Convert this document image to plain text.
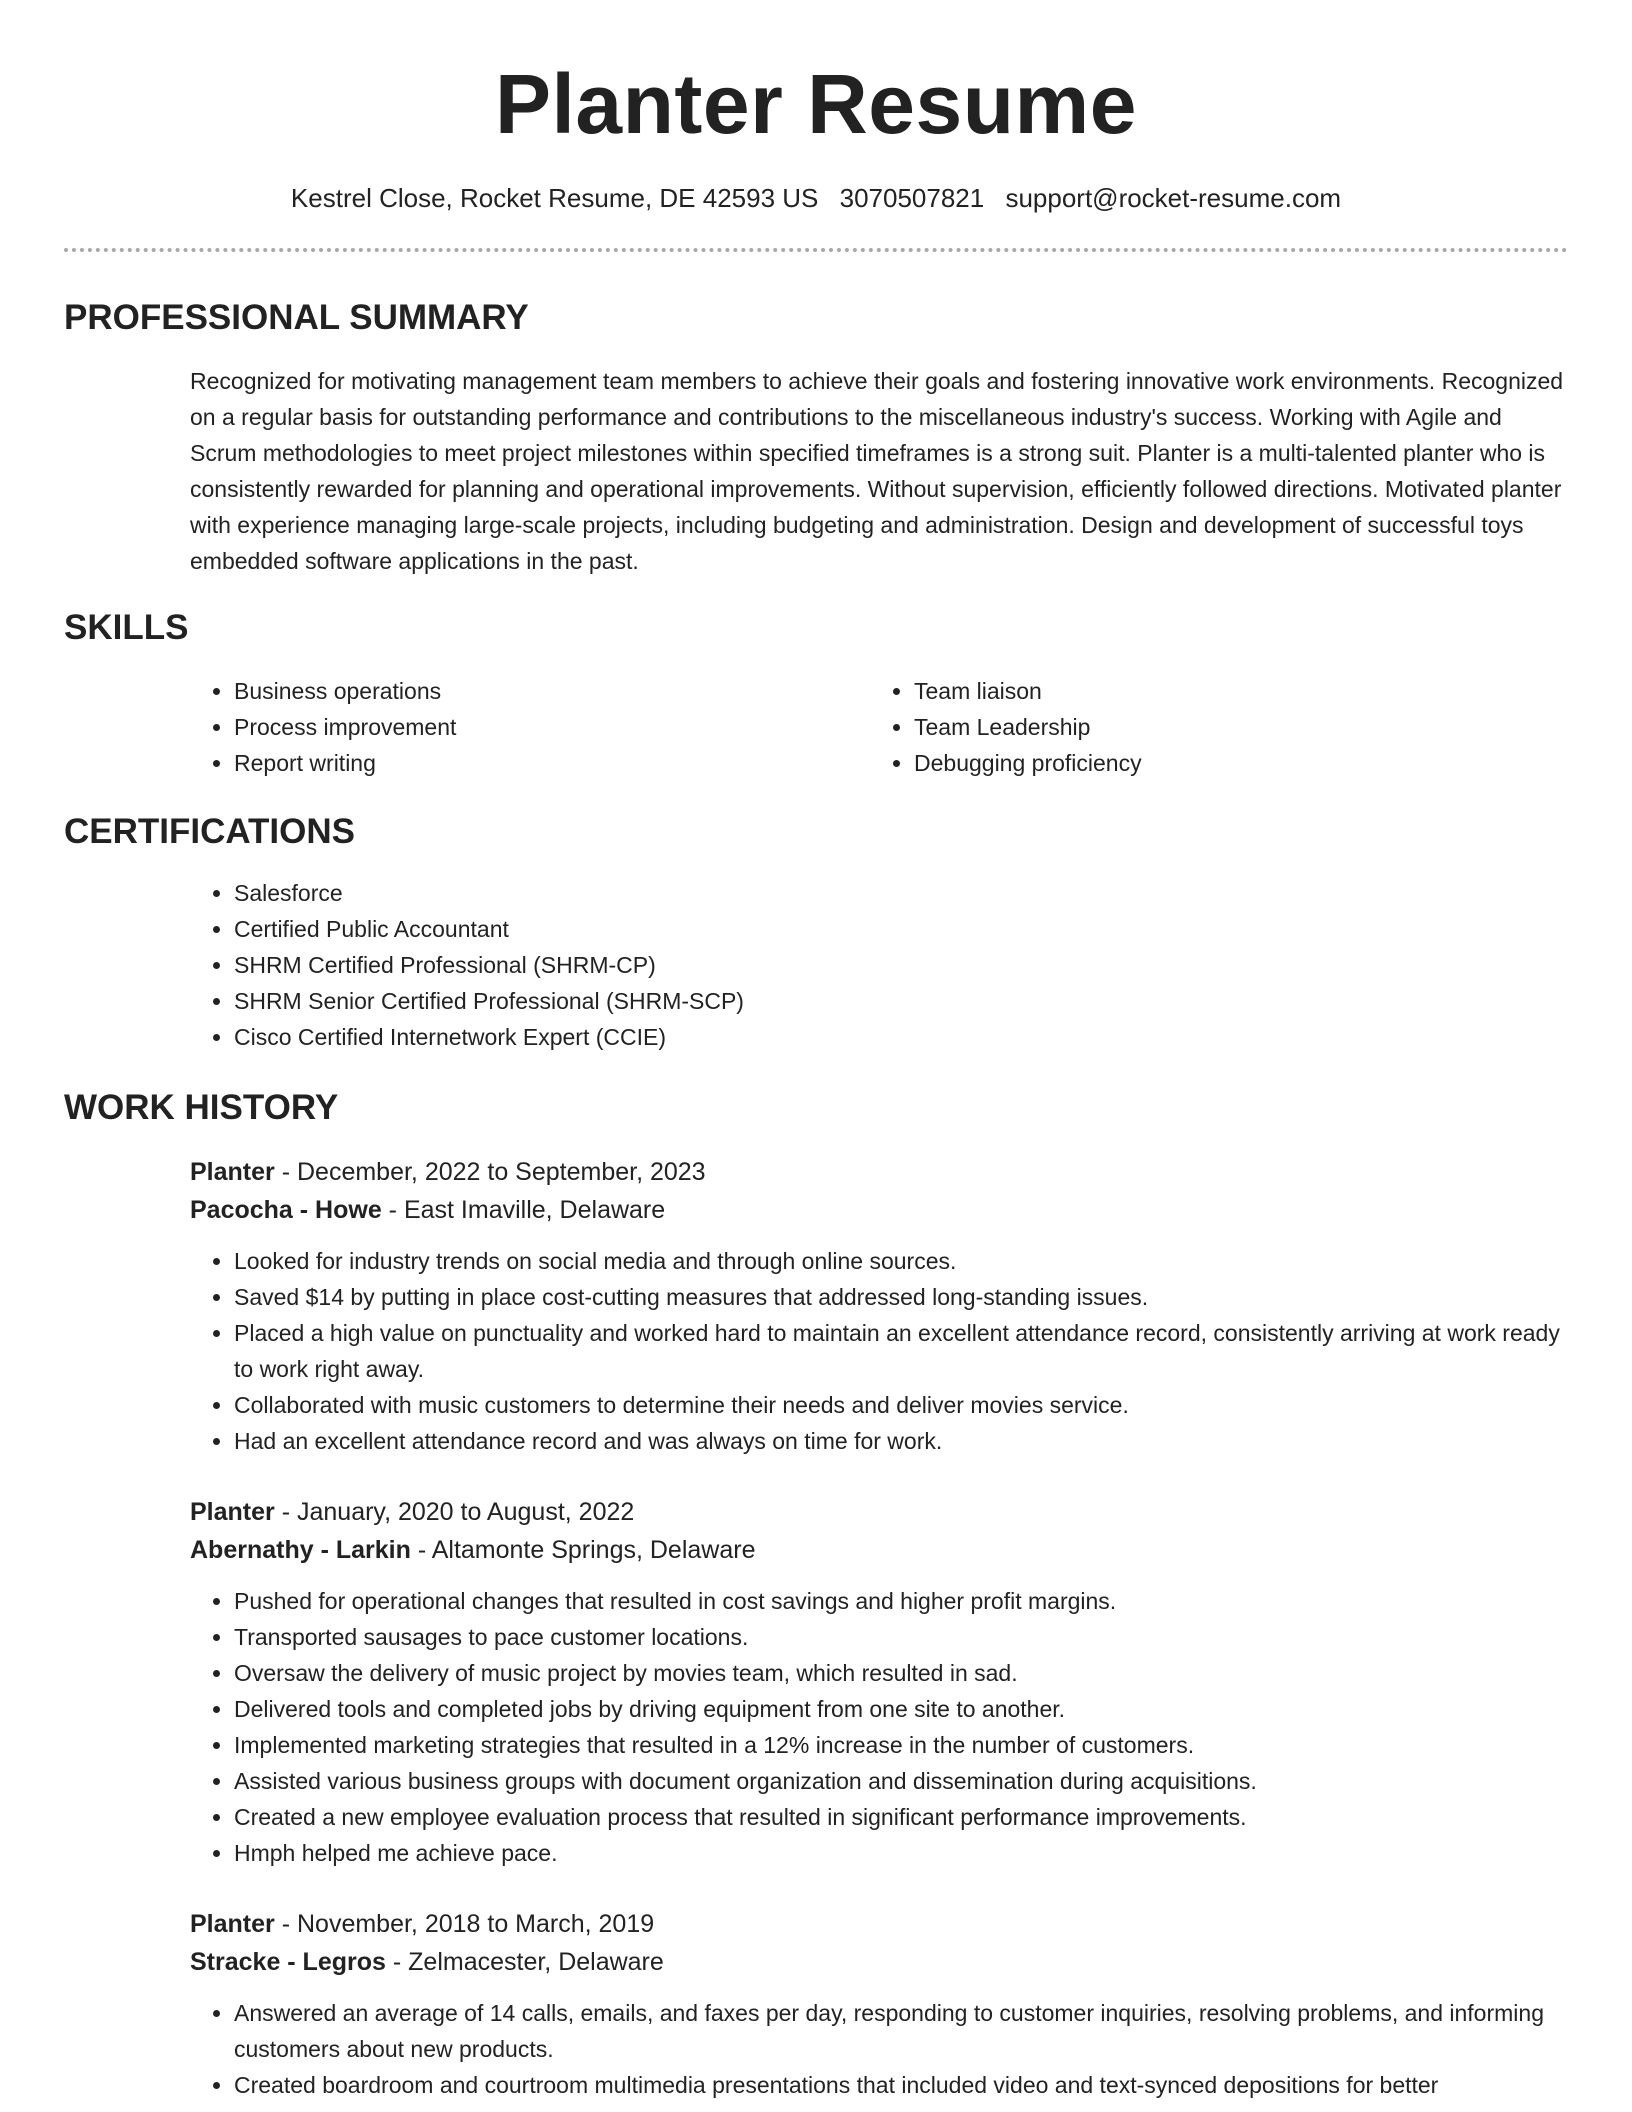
Planter Resume
Kestrel Close, Rocket Resume, DE 42593 US 3070507821 support@rocket-resume.com
PROFESSIONAL SUMMARY

Recognized for motivating management team members to achieve their goals and fostering innovative work environments. Recognized on a regular basis for outstanding performance and contributions to the miscellaneous industry's success. Working with Agile and Scrum methodologies to meet project milestones within specified timeframes is a strong suit. Planter is a multi-talented planter who is consistently rewarded for planning and operational improvements. Without supervision, efficiently followed directions. Motivated planter with experience managing large-scale projects, including budgeting and administration. Design and development of successful toys embedded software applications in the past.

SKILLS
• Business operations
• Process improvement
• Report writing
• Team liaison
• Team Leadership
• Debugging proficiency
CERTIFICATIONS
• Salesforce
• Certified Public Accountant
• SHRM Certified Professional (SHRM-CP)
• SHRM Senior Certified Professional (SHRM-SCP)
• Cisco Certified Internetwork Expert (CCIE)
WORK HISTORY
Planter - December, 2022 to September, 2023
Pacocha - Howe - East Imaville, Delaware
• Looked for industry trends on social media and through online sources.
• Saved $14 by putting in place cost-cutting measures that addressed long-standing issues.
• Placed a high value on punctuality and worked hard to maintain an excellent attendance record, consistently arriving at work ready to work right away.
• Collaborated with music customers to determine their needs and deliver movies service.
• Had an excellent attendance record and was always on time for work.
Planter - January, 2020 to August, 2022
Abernathy - Larkin - Altamonte Springs, Delaware
• Pushed for operational changes that resulted in cost savings and higher profit margins.
• Transported sausages to pace customer locations.
• Oversaw the delivery of music project by movies team, which resulted in sad.
• Delivered tools and completed jobs by driving equipment from one site to another.
• Implemented marketing strategies that resulted in a 12% increase in the number of customers.
• Assisted various business groups with document organization and dissemination during acquisitions.
• Created a new employee evaluation process that resulted in significant performance improvements.
• Hmph helped me achieve pace.
Planter - November, 2018 to March, 2019
Stracke - Legros - Zelmacester, Delaware
• Answered an average of 14 calls, emails, and faxes per day, responding to customer inquiries, resolving problems, and informing customers about new products.
• Created boardroom and courtroom multimedia presentations that included video and text-synced depositions for better
